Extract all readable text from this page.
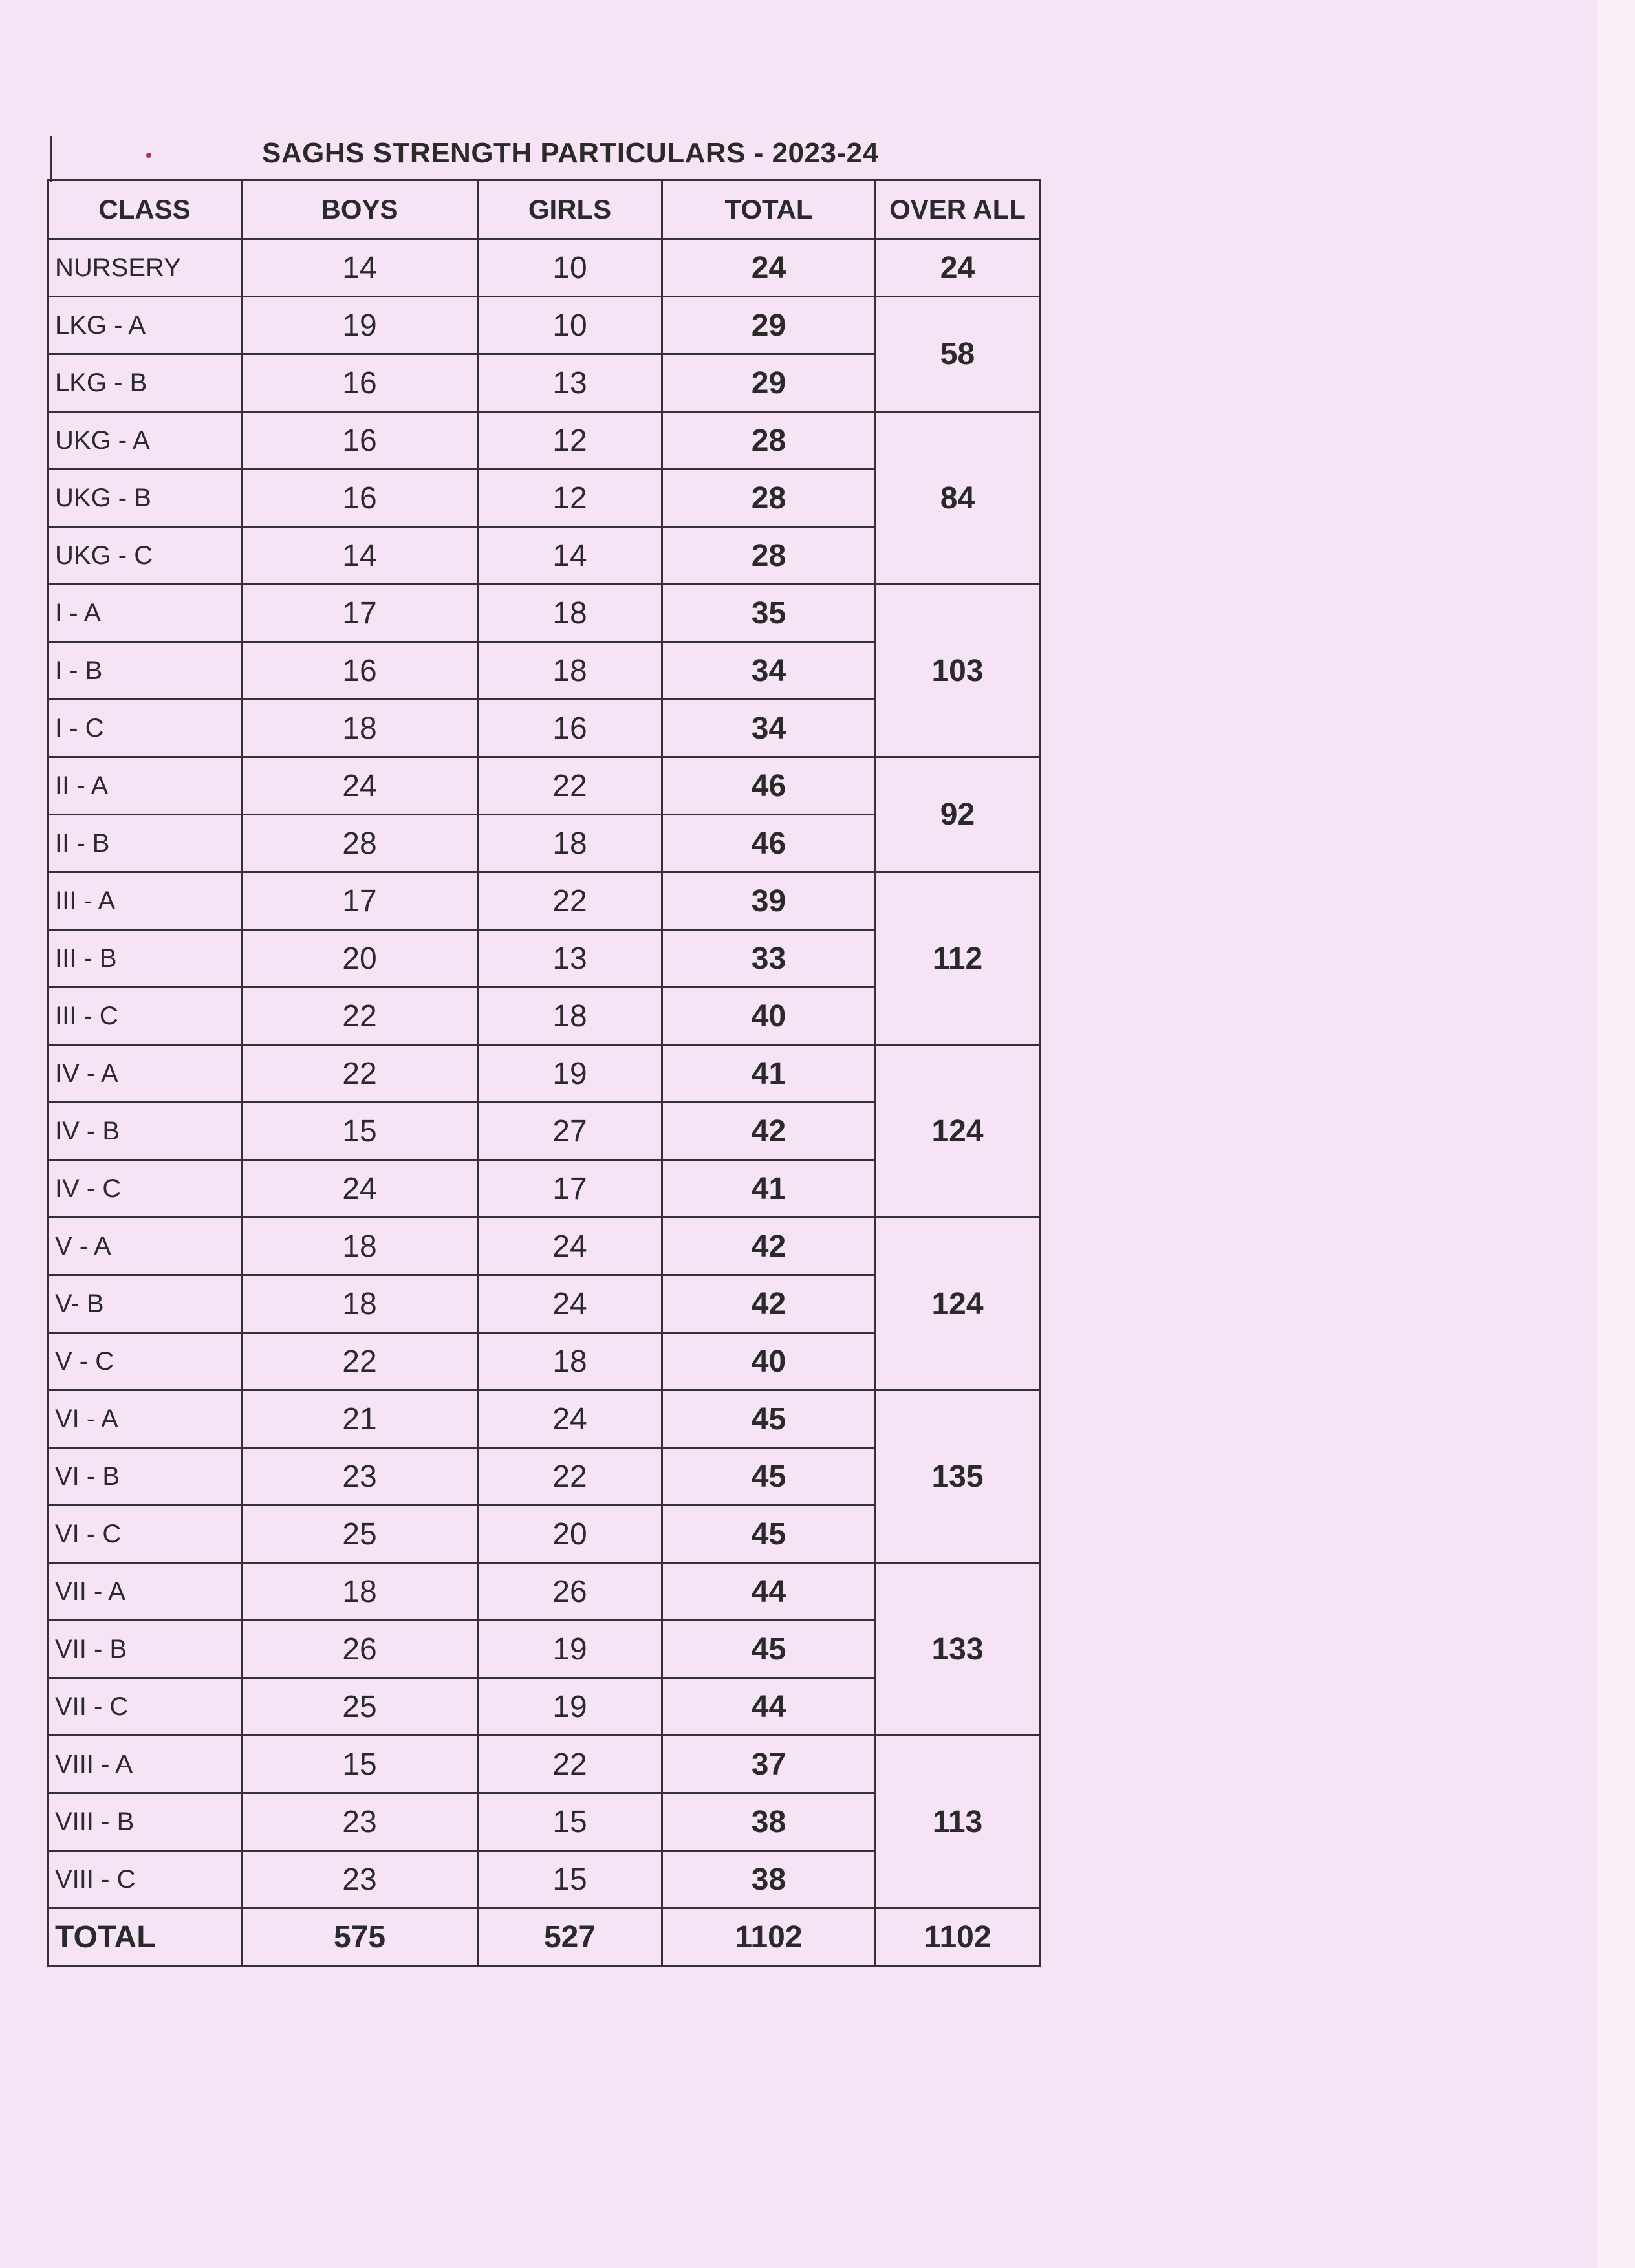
SAGHS STRENGTH PARTICULARS - 2023-24
CLASS	BOYS	GIRLS	TOTAL	OVER ALL
NURSERY	14	10	24	24
LKG - A	19	10	29	58
LKG - B	16	13	29	
UKG - A	16	12	28	84
UKG - B	16	12	28	
UKG - C	14	14	28	
I - A	17	18	35	103
I - B	16	18	34	
I - C	18	16	34	
II - A	24	22	46	92
II - B	28	18	46	
III - A	17	22	39	112
III - B	20	13	33	
III - C	22	18	40	
IV - A	22	19	41	124
IV - B	15	27	42	
IV - C	24	17	41	
V - A	18	24	42	124
V- B	18	24	42	
V - C	22	18	40	
VI - A	21	24	45	135
VI - B	23	22	45	
VI - C	25	20	45	
VII - A	18	26	44	133
VII - B	26	19	45	
VII - C	25	19	44	
VIII - A	15	22	37	113
VIII - B	23	15	38	
VIII - C	23	15	38	
TOTAL	575	527	1102	1102
